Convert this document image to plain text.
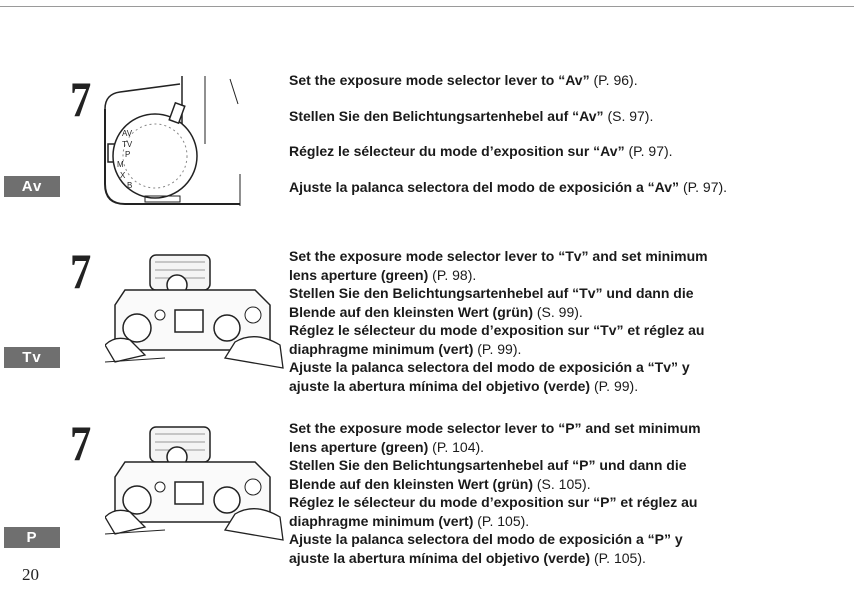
7
Av
AV
TV
P
M
X
B

Set the exposure mode selector lever to “Av” (P. 96).

Stellen Sie den Belichtungsartenhebel auf “Av” (S. 97).

Réglez le sélecteur du mode d’exposition sur “Av” (P. 97).

Ajuste la palanca selectora del modo de exposición a “Av” (P. 97).

7
Tv

Set the exposure mode selector lever to “Tv” and set minimum

lens aperture (green) (P. 98).

Stellen Sie den Belichtungsartenhebel auf “Tv” und dann die

Blende auf den kleinsten Wert (grün) (S. 99).

Réglez le sélecteur du mode d’exposition sur “Tv” et réglez au

diaphragme minimum (vert) (P. 99).

Ajuste la palanca selectora del modo de exposición a “Tv” y

ajuste la abertura mínima del objetivo (verde) (P. 99).

7
P

Set the exposure mode selector lever to “P” and set minimum

lens aperture (green) (P. 104).

Stellen Sie den Belichtungsartenhebel auf “P” und dann die

Blende auf den kleinsten Wert (grün) (S. 105).

Réglez le sélecteur du mode d’exposition sur “P” et réglez au

diaphragme minimum (vert) (P. 105).

Ajuste la palanca selectora del modo de exposición a “P” y

ajuste la abertura mínima del objetivo (verde) (P. 105).

20
